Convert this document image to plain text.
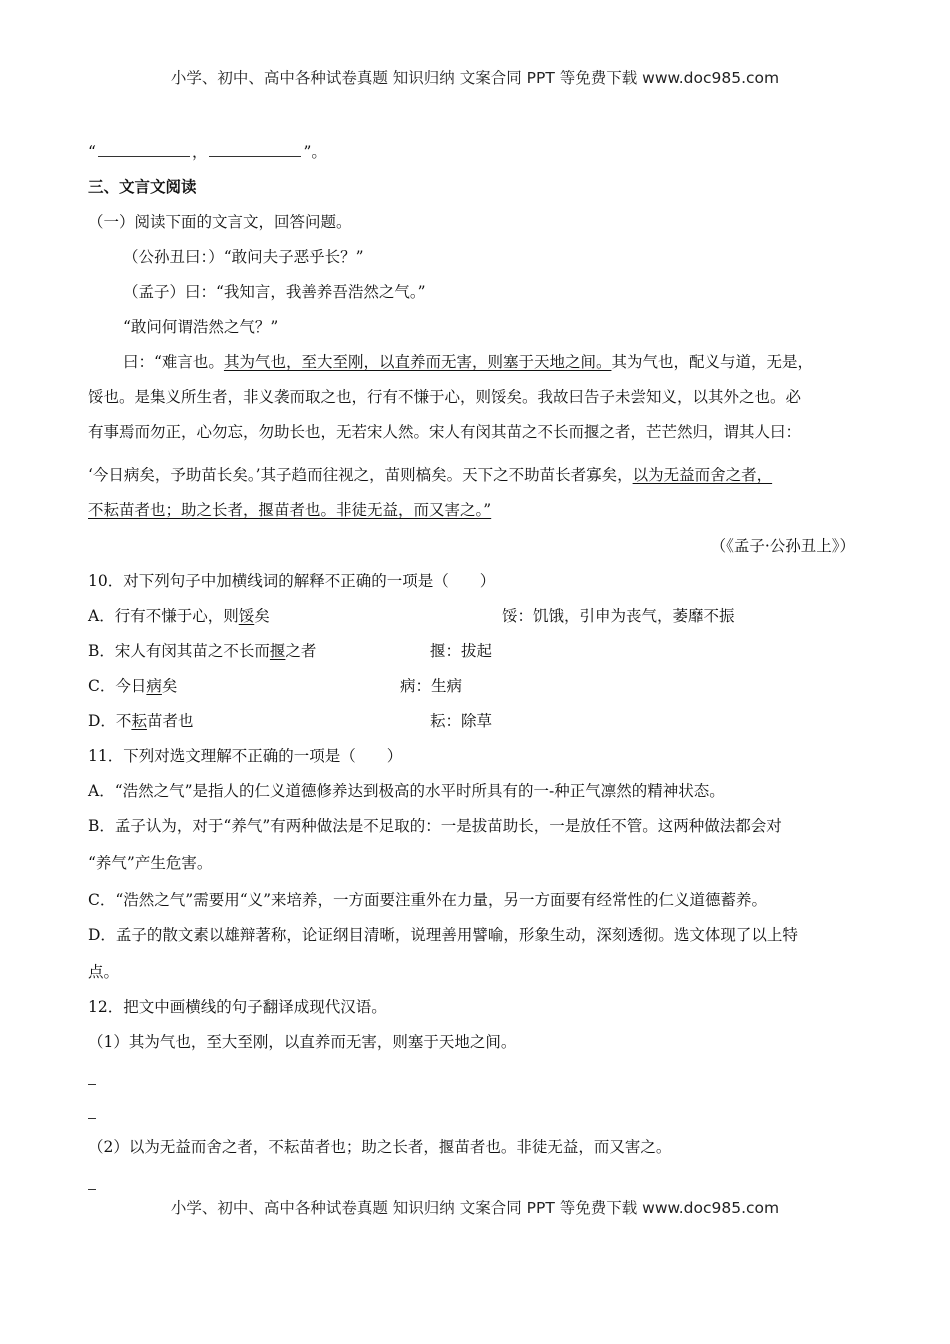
小学、初中、高中各种试卷真题 知识归纳 文案合同 PPT 等免费下载 www.doc985.com
“	，	”。
三、文言文阅读
（一）阅读下面的文言文，回答问题。
（公孙丑曰：）“敢问夫子恶乎长？”
（孟子）曰：“我知言，我善养吾浩然之气。”
“敢问何谓浩然之气？”
曰：“难言也。其为气也，至大至刚，以直养而无害，则塞于天地之间。其为气也，配义与道，无是，
馁也。是集义所生者，非义袭而取之也，行有不慊于心，则馁矣。我故曰告子未尝知义，以其外之也。必
有事焉而勿正，心勿忘，勿助长也，无若宋人然。宋人有闵其苗之不长而揠之者，芒芒然归，谓其人曰：
‘今日病矣，予助苗长矣。’其子趋而往视之，苗则槁矣。天下之不助苗长者寡矣，以为无益而舍之者，
不耘苗者也；助之长者，揠苗者也。非徒无益，而又害之。”
（《孟子·公孙丑上》）
10．对下列句子中加横线词的解释不正确的一项是（　　）
A．行有不慊于心，则馁矣	馁：饥饿，引申为丧气，萎靡不振
B．宋人有闵其苗之不长而揠之者	揠：拔起
C．今日病矣	病：生病
D．不耘苗者也	耘：除草
11．下列对选文理解不正确的一项是（　　）
A．“浩然之气”是指人的仁义道德修养达到极高的水平时所具有的一-种正气凛然的精神状态。
B．孟子认为，对于“养气”有两种做法是不足取的：一是拔苗助长，一是放任不管。这两种做法都会对
“养气”产生危害。
C．“浩然之气”需要用“义”来培养，一方面要注重外在力量，另一方面要有经常性的仁义道德蓄养。
D．孟子的散文素以雄辩著称，论证纲目清晰，说理善用譬喻，形象生动，深刻透彻。选文体现了以上特
点。
12．把文中画横线的句子翻译成现代汉语。
（1）其为气也，至大至刚，以直养而无害，则塞于天地之间。
（2）以为无益而舍之者，不耘苗者也；助之长者，揠苗者也。非徒无益，而又害之。
小学、初中、高中各种试卷真题 知识归纳 文案合同 PPT 等免费下载 www.doc985.com
